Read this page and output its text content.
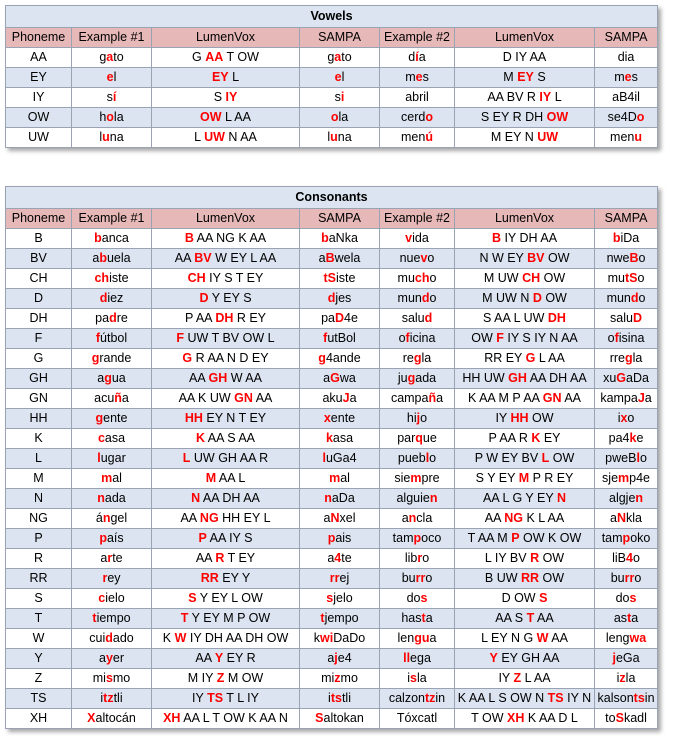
Vowels						
Phoneme	Example #1	LumenVox	SAMPA	Example #2	LumenVox	SAMPA
AA	gato	G AA T OW	gato	día	D IY AA	dia
EY	el	EY L	el	mes	M EY S	mes
IY	sí	S IY	si	abril	AA BV R IY L	aB4il
OW	hola	OW L AA	ola	cerdo	S EY R DH OW	se4Do
UW	luna	L UW N AA	luna	menú	M EY N UW	menu
Consonants						
Phoneme	Example #1	LumenVox	SAMPA	Example #2	LumenVox	SAMPA
B	banca	B AA NG K AA	baNka	vida	B IY DH AA	biDa
BV	abuela	AA BV W EY L AA	aBwela	nuevo	N W EY BV OW	nweBo
CH	chiste	CH IY S T EY	tSiste	mucho	M UW CH OW	mutSo
D	diez	D Y EY S	djes	mundo	M UW N D OW	mundo
DH	padre	P AA DH R EY	paD4e	salud	S AA L UW DH	saluD
F	fútbol	F UW T BV OW L	futBol	oficina	OW F IY S IY N AA	ofisina
G	grande	G R AA N D EY	g4ande	regla	RR EY G L AA	rregla
GH	agua	AA GH W AA	aGwa	jugada	HH UW GH AA DH AA	xuGaDa
GN	acuña	AA K UW GN AA	akuJa	campaña	K AA M P AA GN AA	kampaJa
HH	gente	HH EY N T EY	xente	hijo	IY HH OW	ixo
K	casa	K AA S AA	kasa	parque	P AA R K EY	pa4ke
L	lugar	L UW GH AA R	luGa4	pueblo	P W EY BV L OW	pweBlo
M	mal	M AA L	mal	siempre	S Y EY M P R EY	sjemp4e
N	nada	N AA DH AA	naDa	alguien	AA L G Y EY N	algjen
NG	ángel	AA NG HH EY L	aNxel	ancla	AA NG K L AA	aNkla
P	país	P AA IY S	pais	tampoco	T AA M P OW K OW	tampoko
R	arte	AA R T EY	a4te	libro	L IY BV R OW	liB4o
RR	rey	RR EY Y	rrej	burro	B UW RR OW	burro
S	cielo	S Y EY L OW	sjelo	dos	D OW S	dos
T	tiempo	T Y EY M P OW	tjempo	hasta	AA S T AA	asta
W	cuidado	K W IY DH AA DH OW	kwiDaDo	lengua	L EY N G W AA	lengwa
Y	ayer	AA Y EY R	aje4	llega	Y EY GH AA	jeGa
Z	mismo	M IY Z M OW	mizmo	isla	IY Z L AA	izla
TS	itztli	IY TS T L IY	itstli	calzontzin	K AA L S OW N TS IY N	kalsontsin
XH	Xaltocán	XH AA L T OW K AA N	Saltokan	Tóxcatl	T OW XH K AA D L	toSkadl
